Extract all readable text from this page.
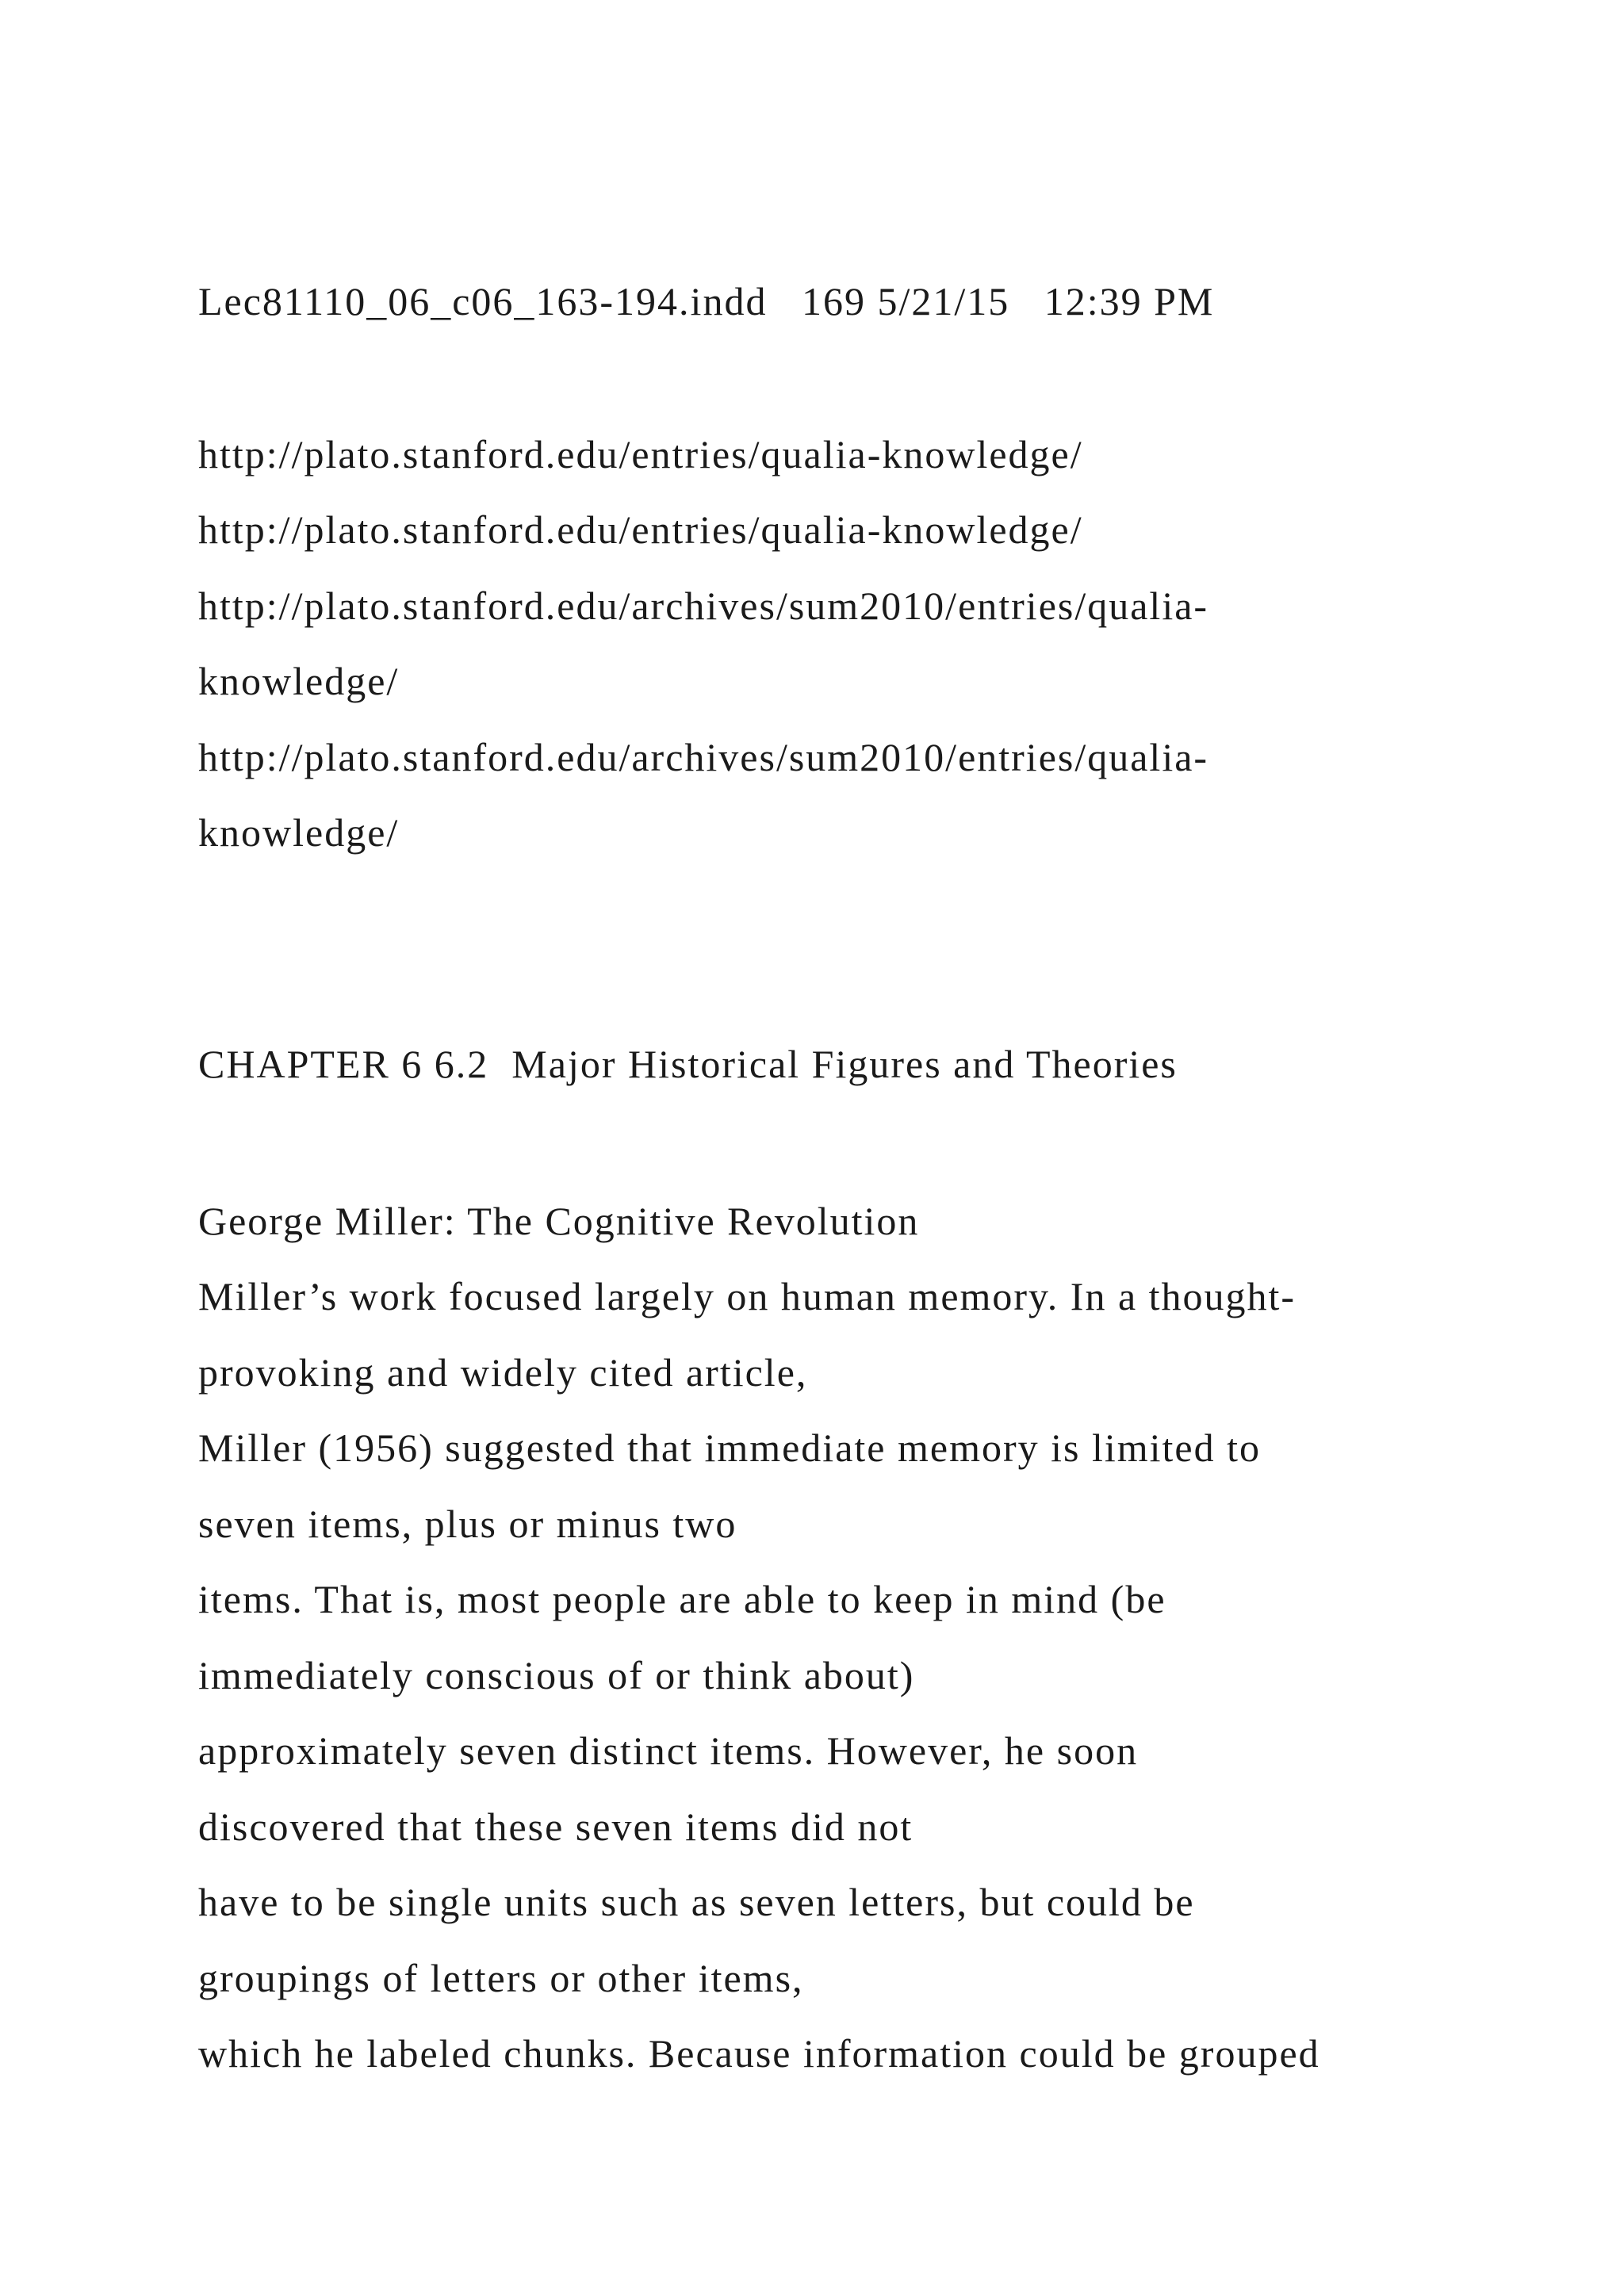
Lec81110_06_c06_163-194.indd   169 5/21/15   12:39 PM

http://plato.stanford.edu/entries/qualia-knowledge/

http://plato.stanford.edu/entries/qualia-knowledge/

http://plato.stanford.edu/archives/sum2010/entries/qualia-

knowledge/

http://plato.stanford.edu/archives/sum2010/entries/qualia-

knowledge/

CHAPTER 6 6.2  Major Historical Figures and Theories

George Miller: The Cognitive Revolution

Miller’s work focused largely on human memory. In a thought-

provoking and widely cited article,

Miller (1956) suggested that immediate memory is limited to

seven items, plus or minus two

items. That is, most people are able to keep in mind (be

immediately conscious of or think about)

approximately seven distinct items. However, he soon

discovered that these seven items did not

have to be single units such as seven letters, but could be

groupings of letters or other items,

which he labeled chunks. Because information could be grouped
